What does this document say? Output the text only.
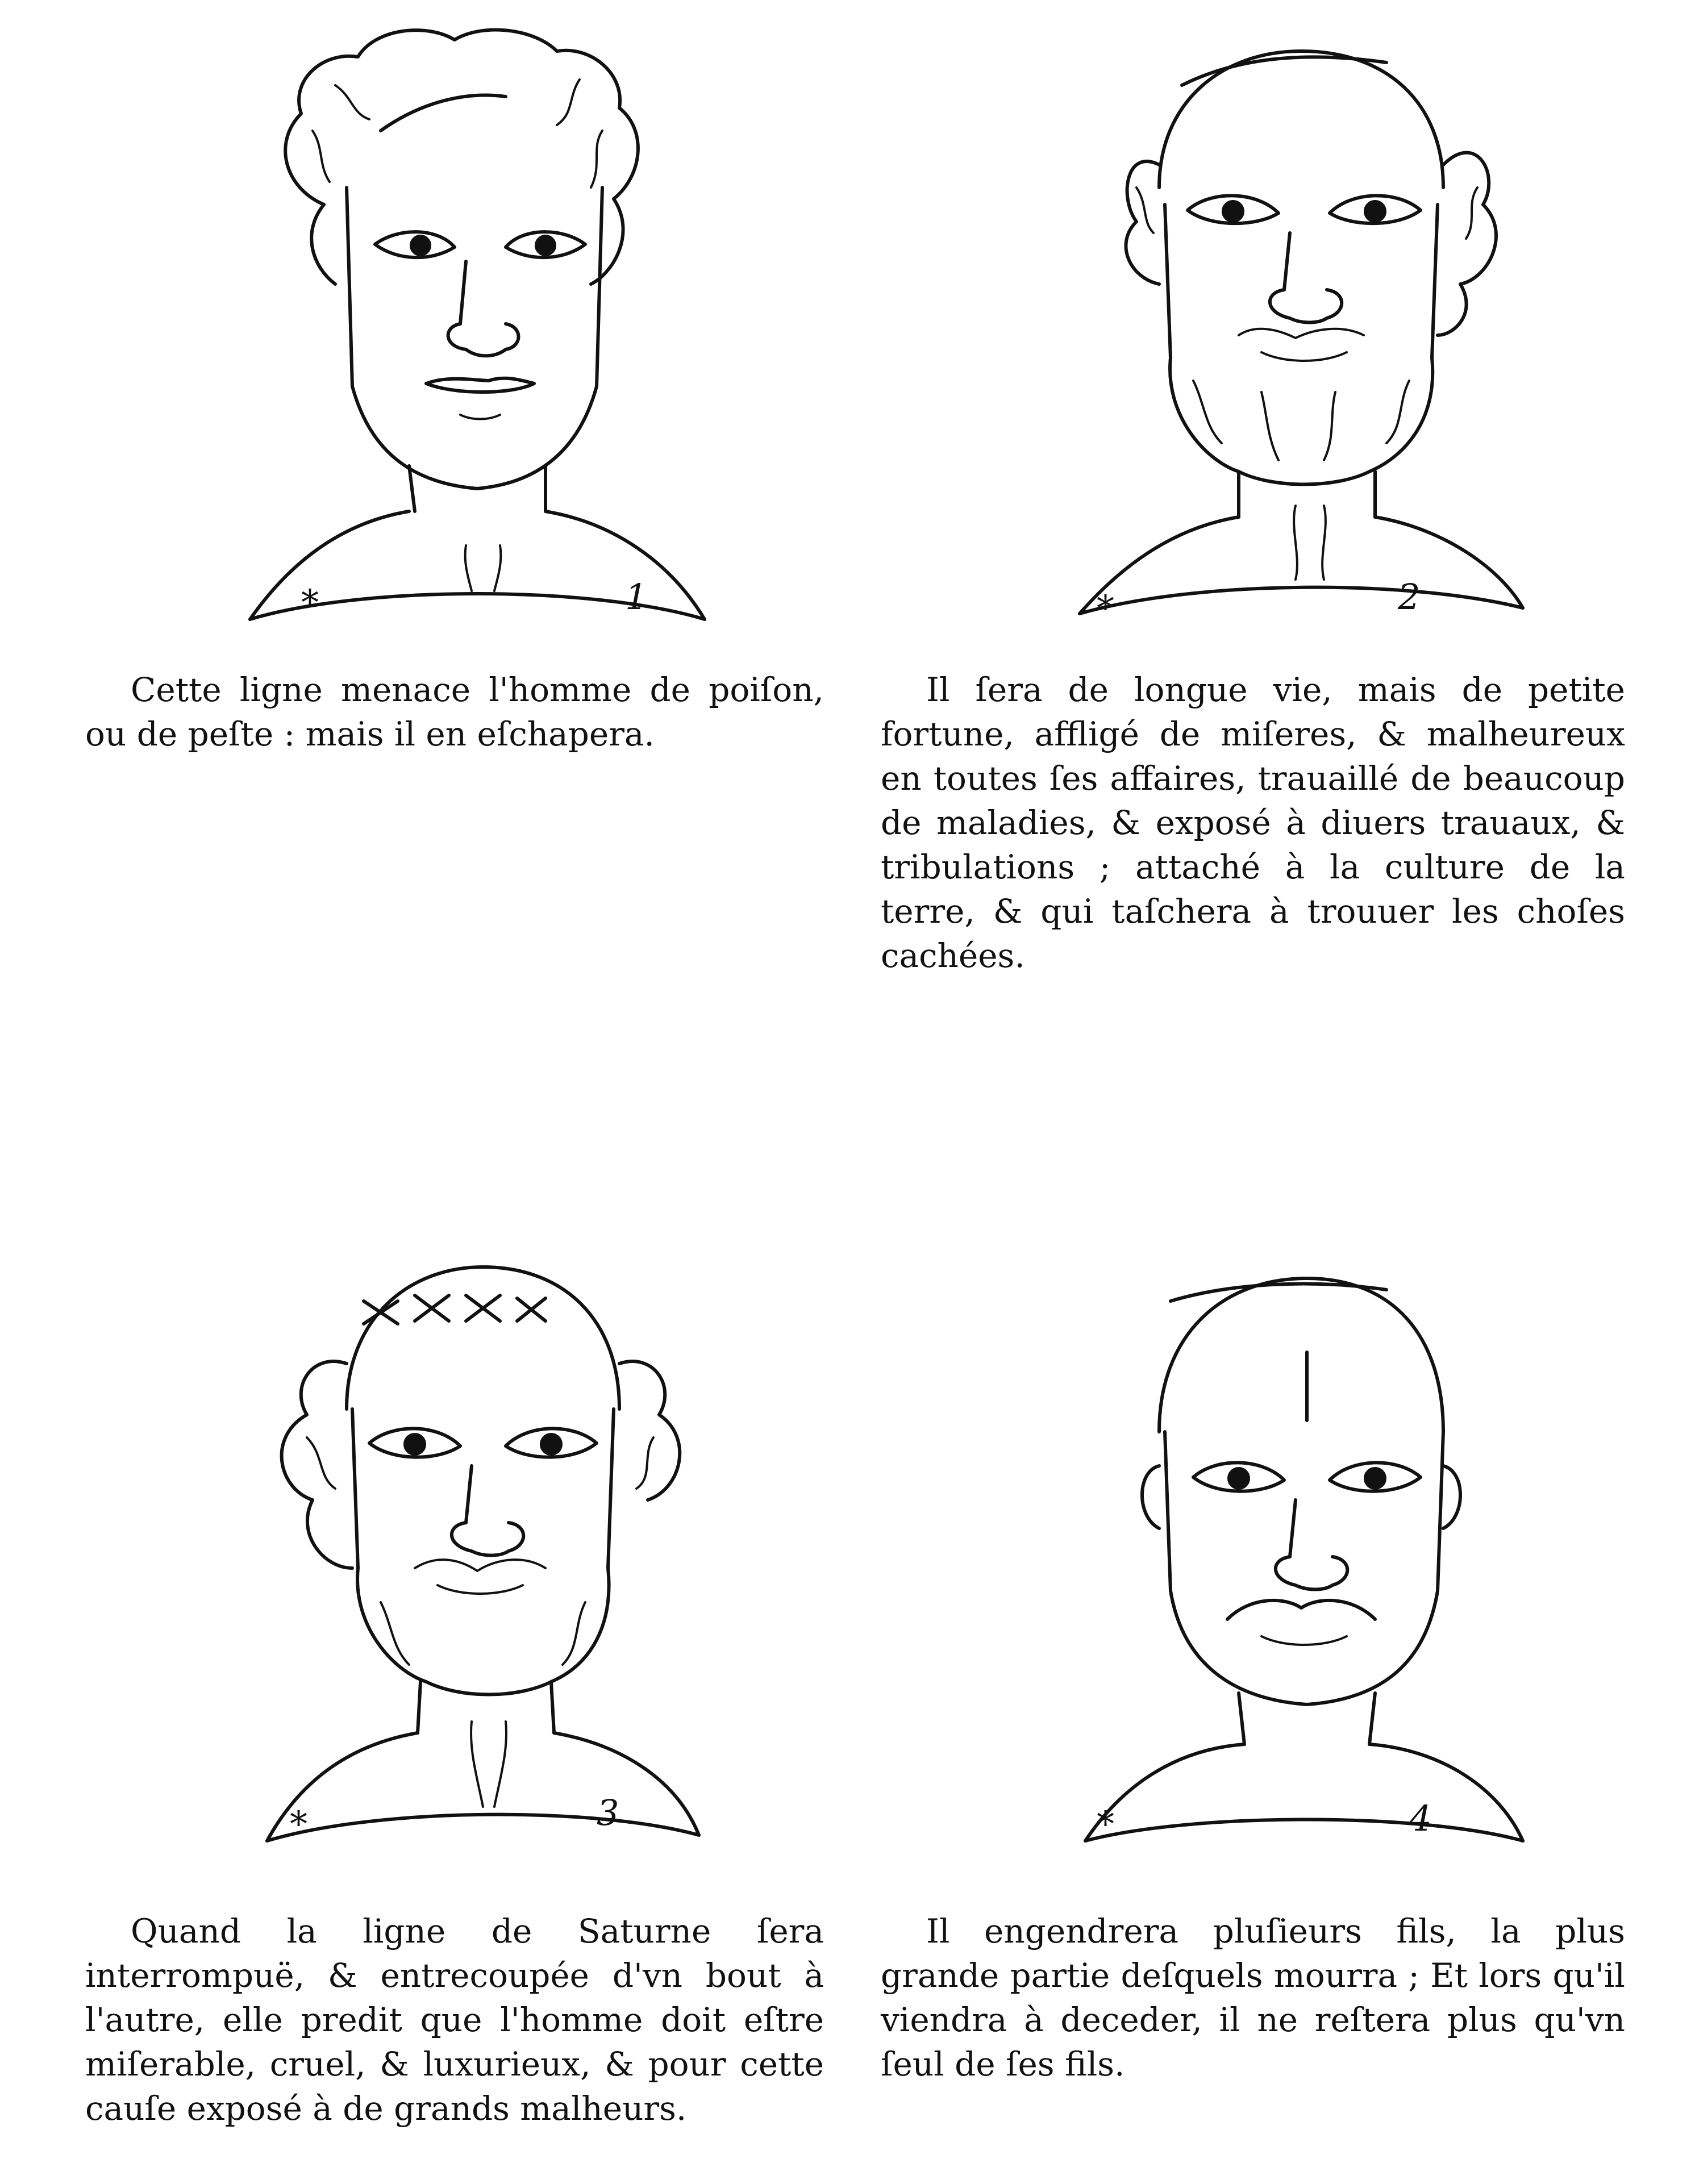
*	1	*	2

Cette ligne menace l'homme de poiſon, ou de peſte : mais il en eſchapera.

Il ſera de longue vie, mais de petite fortune, affligé de miſeres, & malheureux en toutes ſes affaires, trauaillé de beaucoup de maladies, & exposé à diuers trauaux, & tribulations ; attaché à la culture de la terre, & qui taſchera à trouuer les choſes cachées.

*	3	*	4

Quand la ligne de Saturne ſera interrompuë, & entrecoupée d'vn bout à l'autre, elle predit que l'homme doit eſtre miſerable, cruel, & luxurieux, & pour cette cauſe exposé à de grands malheurs.

Il engendrera pluſieurs fils, la plus grande partie deſquels mourra ; Et lors qu'il viendra à deceder, il ne reſtera plus qu'vn ſeul de ſes fils.
